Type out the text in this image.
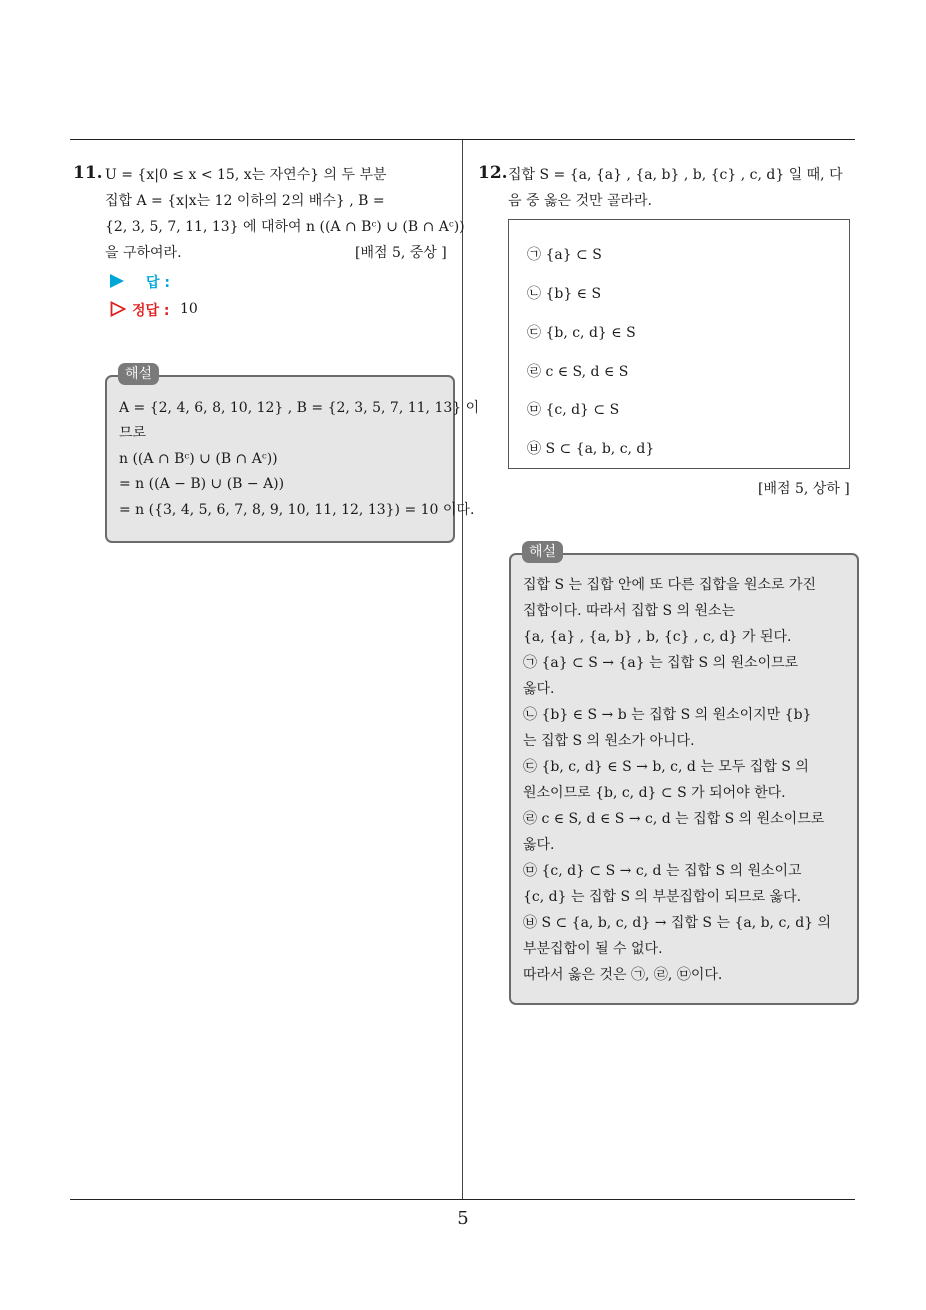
11. U = {x|0 ≤ x < 15, x는 자연수} 의 두 부분
집합 A = {x|x는 12 이하의 2의 배수} , B =
{2, 3, 5, 7, 11, 13} 에 대하여 n ((A ∩ Bᶜ) ∪ (B ∩ Aᶜ))
을 구하여라.	[배점 5, 중상 ]
답 :
정답 : 10
A = {2, 4, 6, 8, 10, 12} , B = {2, 3, 5, 7, 11, 13} 이
므로
n ((A ∩ Bᶜ) ∪ (B ∩ Aᶜ))
= n ((A − B) ∪ (B − A))
= n ({3, 4, 5, 6, 7, 8, 9, 10, 11, 12, 13}) = 10 이다.
해설
12. 집합 S = {a, {a} , {a, b} , b, {c} , c, d} 일 때, 다
음 중 옳은 것만 골라라.
㉠ {a} ⊂ S
㉡ {b} ∈ S
㉢ {b, c, d} ∈ S
㉣ c ∈ S, d ∈ S
㉤ {c, d} ⊂ S
㉥ S ⊂ {a, b, c, d}
[배점 5, 상하 ]
집합 S 는 집합 안에 또 다른 집합을 원소로 가진
집합이다. 따라서 집합 S 의 원소는
{a, {a} , {a, b} , b, {c} , c, d} 가 된다.
㉠ {a} ⊂ S → {a} 는 집합 S 의 원소이므로
옳다.
㉡ {b} ∈ S → b 는 집합 S 의 원소이지만 {b}
는 집합 S 의 원소가 아니다.
㉢ {b, c, d} ∈ S → b, c, d 는 모두 집합 S 의
원소이므로 {b, c, d} ⊂ S 가 되어야 한다.
㉣ c ∈ S, d ∈ S → c, d 는 집합 S 의 원소이므로
옳다.
㉤ {c, d} ⊂ S → c, d 는 집합 S 의 원소이고
{c, d} 는 집합 S 의 부분집합이 되므로 옳다.
㉥ S ⊂ {a, b, c, d} → 집합 S 는 {a, b, c, d} 의
부분집합이 될 수 없다.
따라서 옳은 것은 ㉠, ㉣, ㉤이다.
해설
5
